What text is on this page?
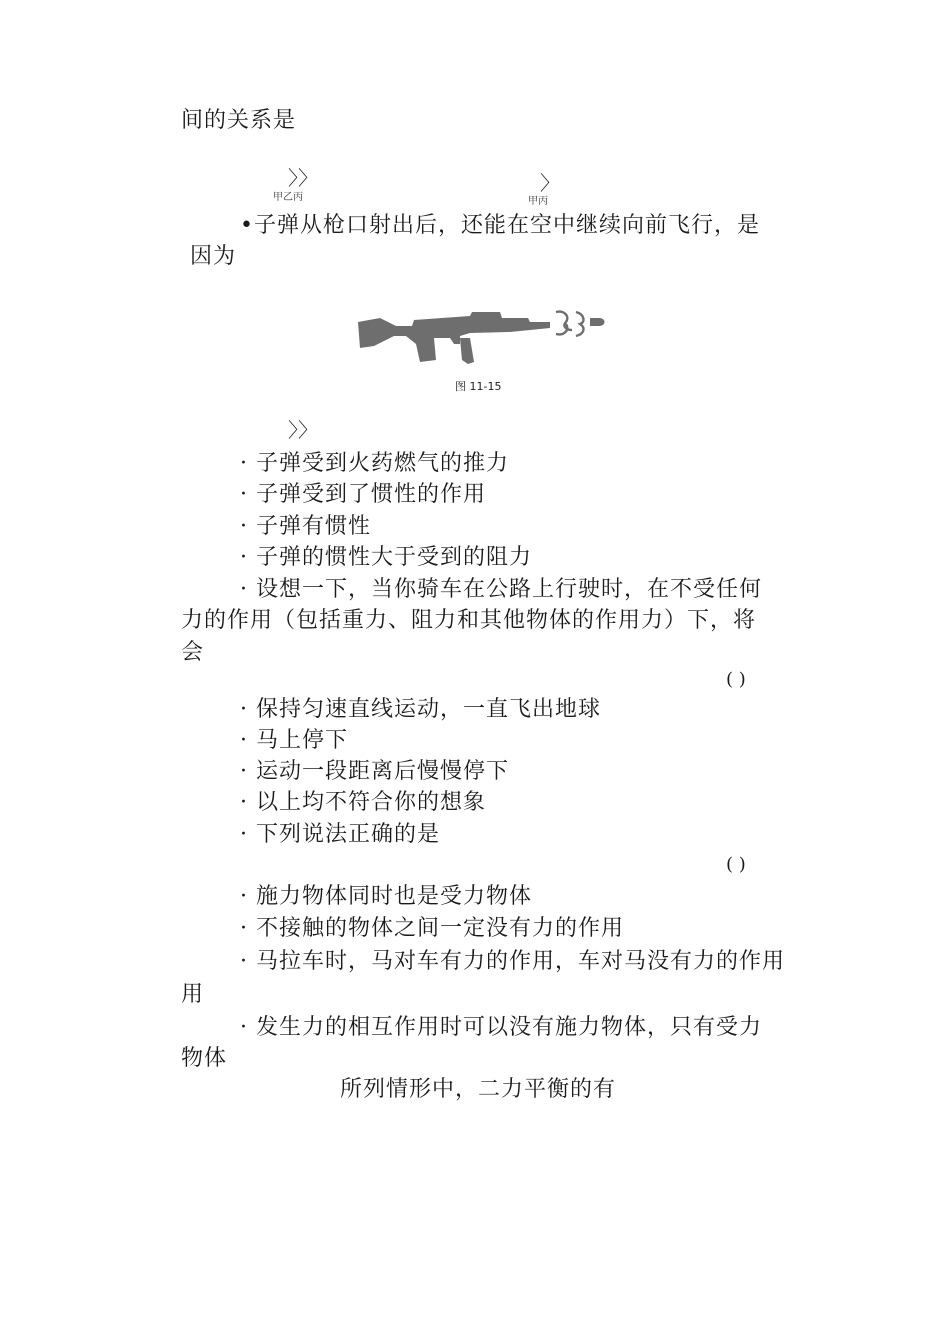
间的关系是
〉〉
甲乙丙
〉
甲丙
•子弹从枪口射出后，还能在空中继续向前飞行，是
因为
图 11-15
〉〉
· 子弹受到火药燃气的推力
· 子弹受到了惯性的作用
· 子弹有惯性
· 子弹的惯性大于受到的阻力
· 设想一下，当你骑车在公路上行驶时，在不受任何
力的作用（包括重力、阻力和其他物体的作用力）下，将
会
( )
· 保持匀速直线运动，一直飞出地球
· 马上停下
· 运动一段距离后慢慢停下
· 以上均不符合你的想象
· 下列说法正确的是
( )
· 施力物体同时也是受力物体
· 不接触的物体之间一定没有力的作用
· 马拉车时，马对车有力的作用，车对马没有力的作用
用
· 发生力的相互作用时可以没有施力物体，只有受力
物体
所列情形中，二力平衡的有
